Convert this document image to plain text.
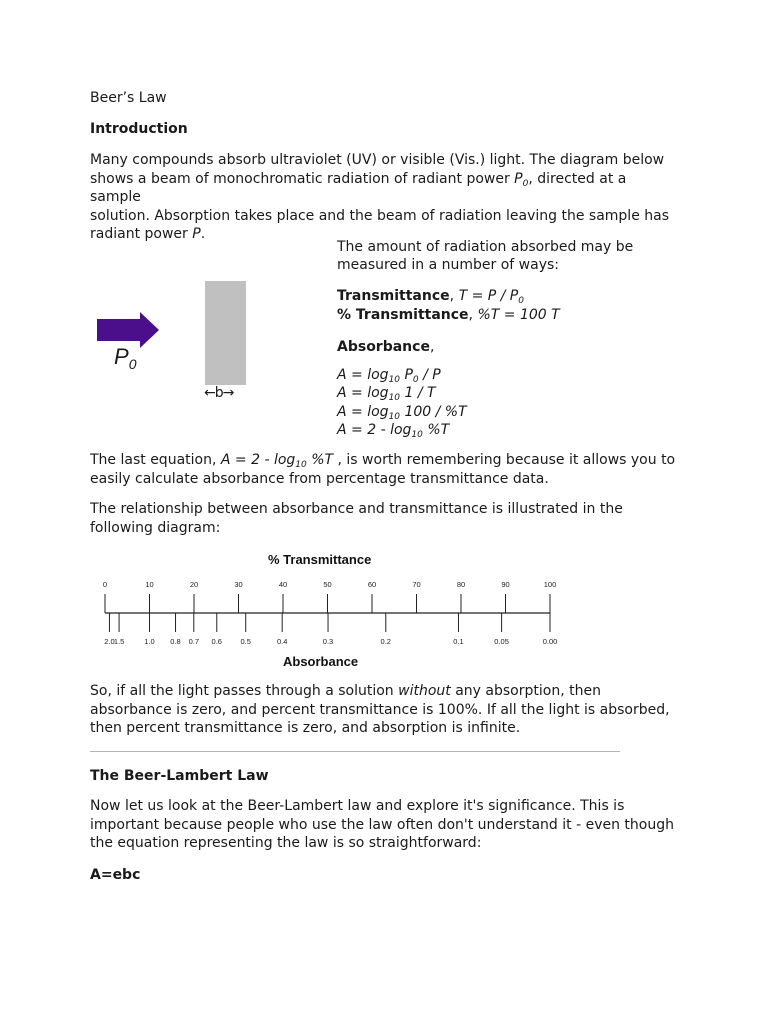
Beer’s Law
Introduction
Many compounds absorb ultraviolet (UV) or visible (Vis.) light. The diagram below
shows a beam of monochromatic radiation of radiant power $P_0$, directed at a sample
solution. Absorption takes place and the beam of radiation leaving the sample has
radiant power P.
$P_0$
←b→
The amount of radiation absorbed may be
measured in a number of ways:
Transmittance, $T = P / P_0$
% Transmittance, %T = 100 T
Absorbance,
$A = \log_{10} P_0 / P$
$A = \log_{10} 1 / T$
$A = \log_{10} 100 / \%T$
$A = 2 - \log_{10} \%T$
The last equation, $A = 2 - \log_{10} \%T$ , is worth remembering because it allows you to
easily calculate absorbance from percentage transmittance data.
The relationship between absorbance and transmittance is illustrated in the
following diagram:
% Transmittance
0	10	20	30	40	50	60	70	80	90	100
2.0 1.5	1.0 0.8 0.7 0.6 0.5	0.4	0.3	0.2	0.1	0.05	0.00
Absorbance
So, if all the light passes through a solution without any absorption, then
absorbance is zero, and percent transmittance is 100%. If all the light is absorbed,
then percent transmittance is zero, and absorption is infinite.
The Beer-Lambert Law
Now let us look at the Beer-Lambert law and explore it's significance. This is
important because people who use the law often don't understand it - even though
the equation representing the law is so straightforward:
A=ebc
